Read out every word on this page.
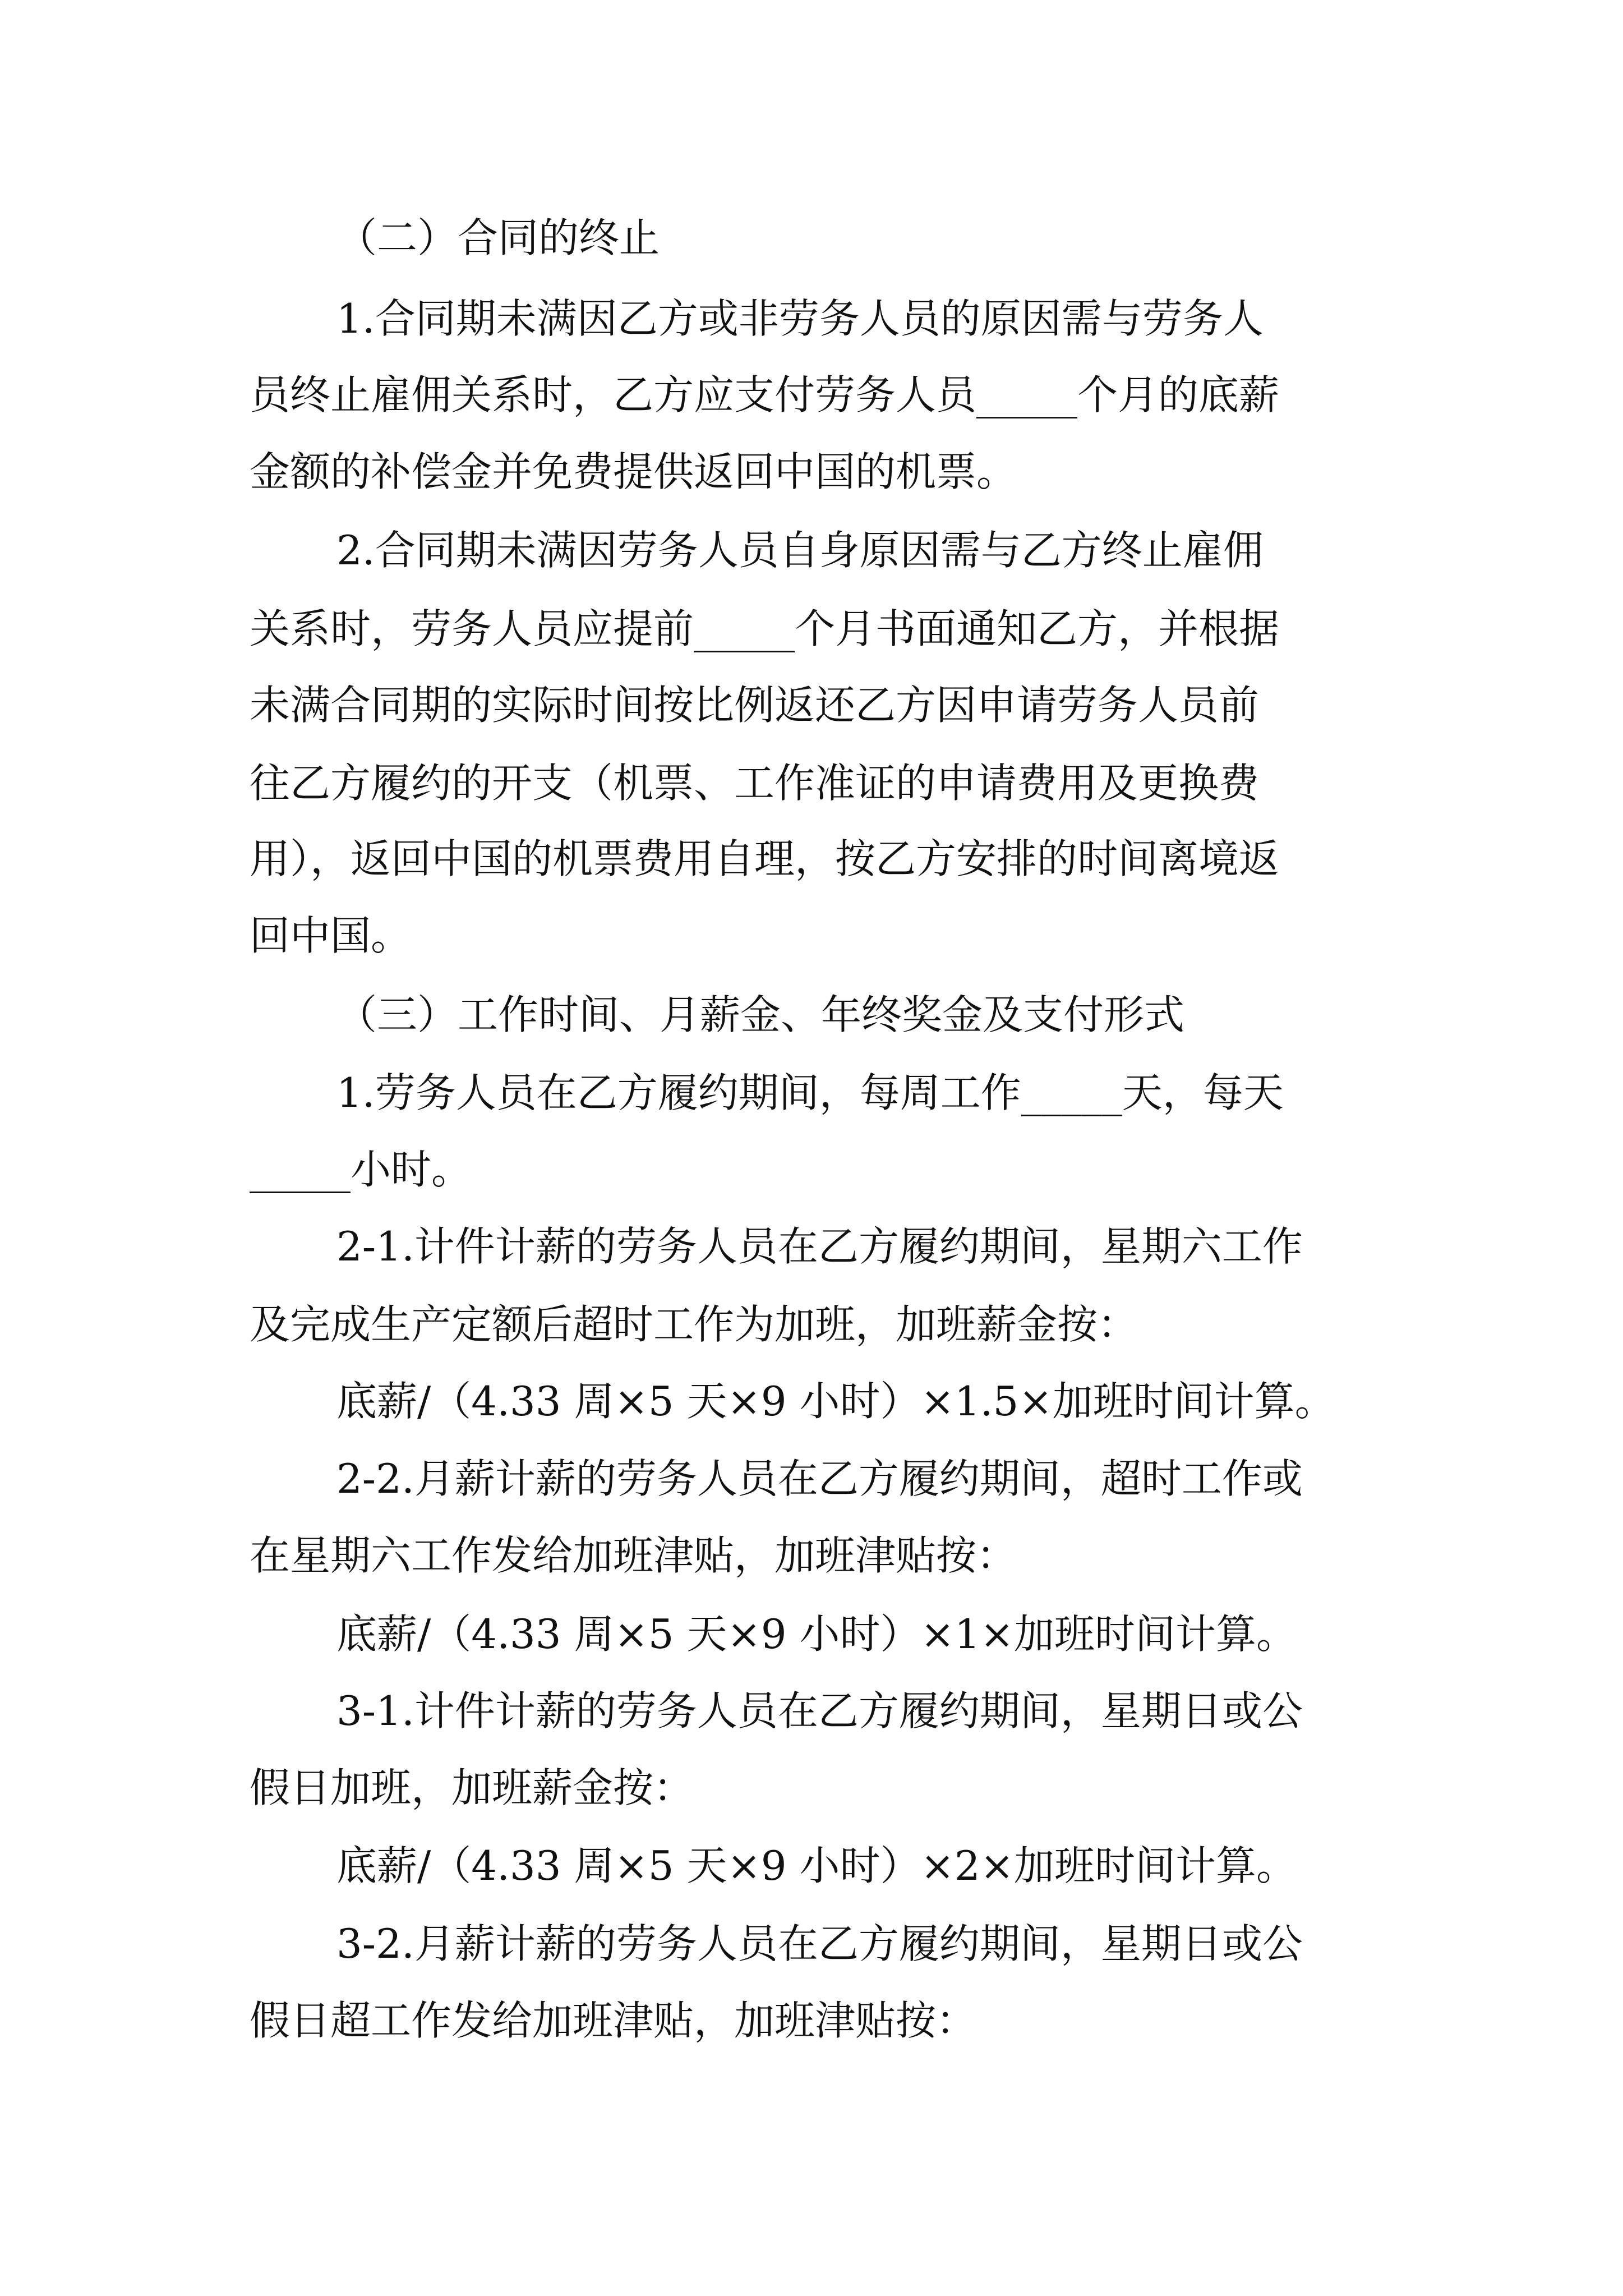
（二）合同的终止
1.合同期未满因乙方或非劳务人员的原因需与劳务人
员终止雇佣关系时，乙方应支付劳务人员_____个月的底薪
金额的补偿金并免费提供返回中国的机票。
2.合同期未满因劳务人员自身原因需与乙方终止雇佣
关系时，劳务人员应提前_____个月书面通知乙方，并根据
未满合同期的实际时间按比例返还乙方因申请劳务人员前
往乙方履约的开支（机票、工作准证的申请费用及更换费
用），返回中国的机票费用自理，按乙方安排的时间离境返
回中国。
（三）工作时间、月薪金、年终奖金及支付形式
1.劳务人员在乙方履约期间，每周工作_____天，每天
_____小时。
2-1.计件计薪的劳务人员在乙方履约期间，星期六工作
及完成生产定额后超时工作为加班，加班薪金按：
底薪/（4.33 周×5 天×9 小时）×1.5×加班时间计算。
2-2.月薪计薪的劳务人员在乙方履约期间，超时工作或
在星期六工作发给加班津贴，加班津贴按：
底薪/（4.33 周×5 天×9 小时）×1×加班时间计算。
3-1.计件计薪的劳务人员在乙方履约期间，星期日或公
假日加班，加班薪金按：
底薪/（4.33 周×5 天×9 小时）×2×加班时间计算。
3-2.月薪计薪的劳务人员在乙方履约期间，星期日或公
假日超工作发给加班津贴，加班津贴按：
